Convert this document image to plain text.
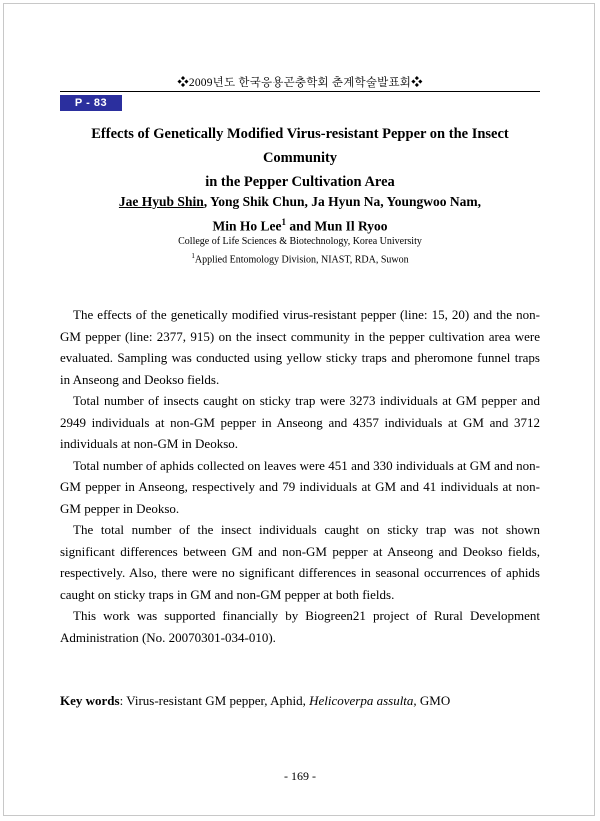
❖2009년도 한국응용곤충학회 춘계학술발표회❖
P - 83
Effects of Genetically Modified Virus-resistant Pepper on the Insect Community
in the Pepper Cultivation Area
Jae Hyub Shin, Yong Shik Chun, Ja Hyun Na, Youngwoo Nam,
Min Ho Lee$^1$ and Mun Il Ryoo
College of Life Sciences & Biotechnology, Korea University
$^1$Applied Entomology Division, NIAST, RDA, Suwon

The effects of the genetically modified virus-resistant pepper (line: 15, 20) and the non-GM pepper (line: 2377, 915) on the insect community in the pepper cultivation area were evaluated. Sampling was conducted using yellow sticky traps and pheromone funnel traps in Anseong and Deokso fields.

Total number of insects caught on sticky trap were 3273 individuals at GM pepper and 2949 individuals at non-GM pepper in Anseong and 4357 individuals at GM and 3712 individuals at non-GM in Deokso.

Total number of aphids collected on leaves were 451 and 330 individuals at GM and non-GM pepper in Anseong, respectively and 79 individuals at GM and 41 individuals at non-GM pepper in Deokso.

The total number of the insect individuals caught on sticky trap was not shown significant differences between GM and non-GM pepper at Anseong and Deokso fields, respectively. Also, there were no significant differences in seasonal occurrences of aphids caught on sticky traps in GM and non-GM pepper at both fields.

This work was supported financially by Biogreen21 project of Rural Development Administration (No. 20070301-034-010).

Key words: Virus-resistant GM pepper, Aphid, Helicoverpa assulta, GMO
- 169 -
